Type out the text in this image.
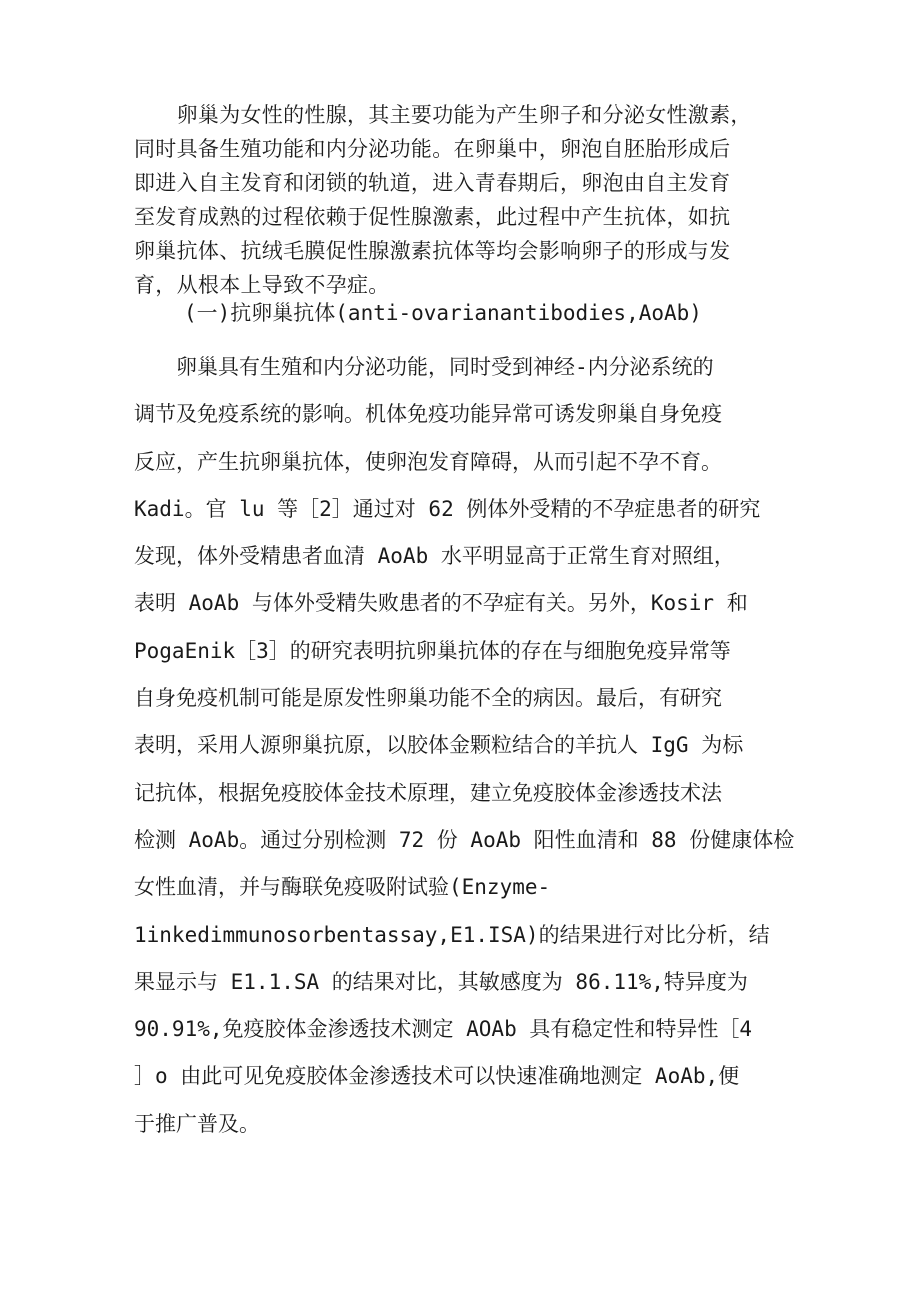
　　卵巢为女性的性腺，其主要功能为产生卵子和分泌女性激素，
同时具备生殖功能和内分泌功能。在卵巢中，卵泡自胚胎形成后
即进入自主发育和闭锁的轨道，进入青春期后，卵泡由自主发育
至发育成熟的过程依赖于促性腺激素，此过程中产生抗体，如抗
卵巢抗体、抗绒毛膜促性腺激素抗体等均会影响卵子的形成与发
育，从根本上导致不孕症。

(一)抗卵巢抗体(anti-ovarianantibodies,AoAb)

　　卵巢具有生殖和内分泌功能，同时受到神经-内分泌系统的
调节及免疫系统的影响。机体免疫功能异常可诱发卵巢自身免疫
反应，产生抗卵巢抗体，使卵泡发育障碍，从而引起不孕不育。
Kadi。官 lu 等［2］通过对 62 例体外受精的不孕症患者的研究
发现，体外受精患者血清 AoAb 水平明显高于正常生育对照组，
表明 AoAb 与体外受精失败患者的不孕症有关。另外，Kosir 和
PogaEnik［3］的研究表明抗卵巢抗体的存在与细胞免疫异常等
自身免疫机制可能是原发性卵巢功能不全的病因。最后，有研究
表明，采用人源卵巢抗原，以胶体金颗粒结合的羊抗人 IgG 为标
记抗体，根据免疫胶体金技术原理，建立免疫胶体金渗透技术法
检测 AoAb。通过分别检测 72 份 AoAb 阳性血清和 88 份健康体检
女性血清，并与酶联免疫吸附试验(Enzyme-
1inkedimmunosorbentassay,E1.ISA)的结果进行对比分析，结
果显示与 E1.1.SA 的结果对比，其敏感度为 86.11%,特异度为
90.91%,免疫胶体金渗透技术测定 AOAb 具有稳定性和特异性［4
］o 由此可见免疫胶体金渗透技术可以快速准确地测定 AoAb,便
于推广普及。
